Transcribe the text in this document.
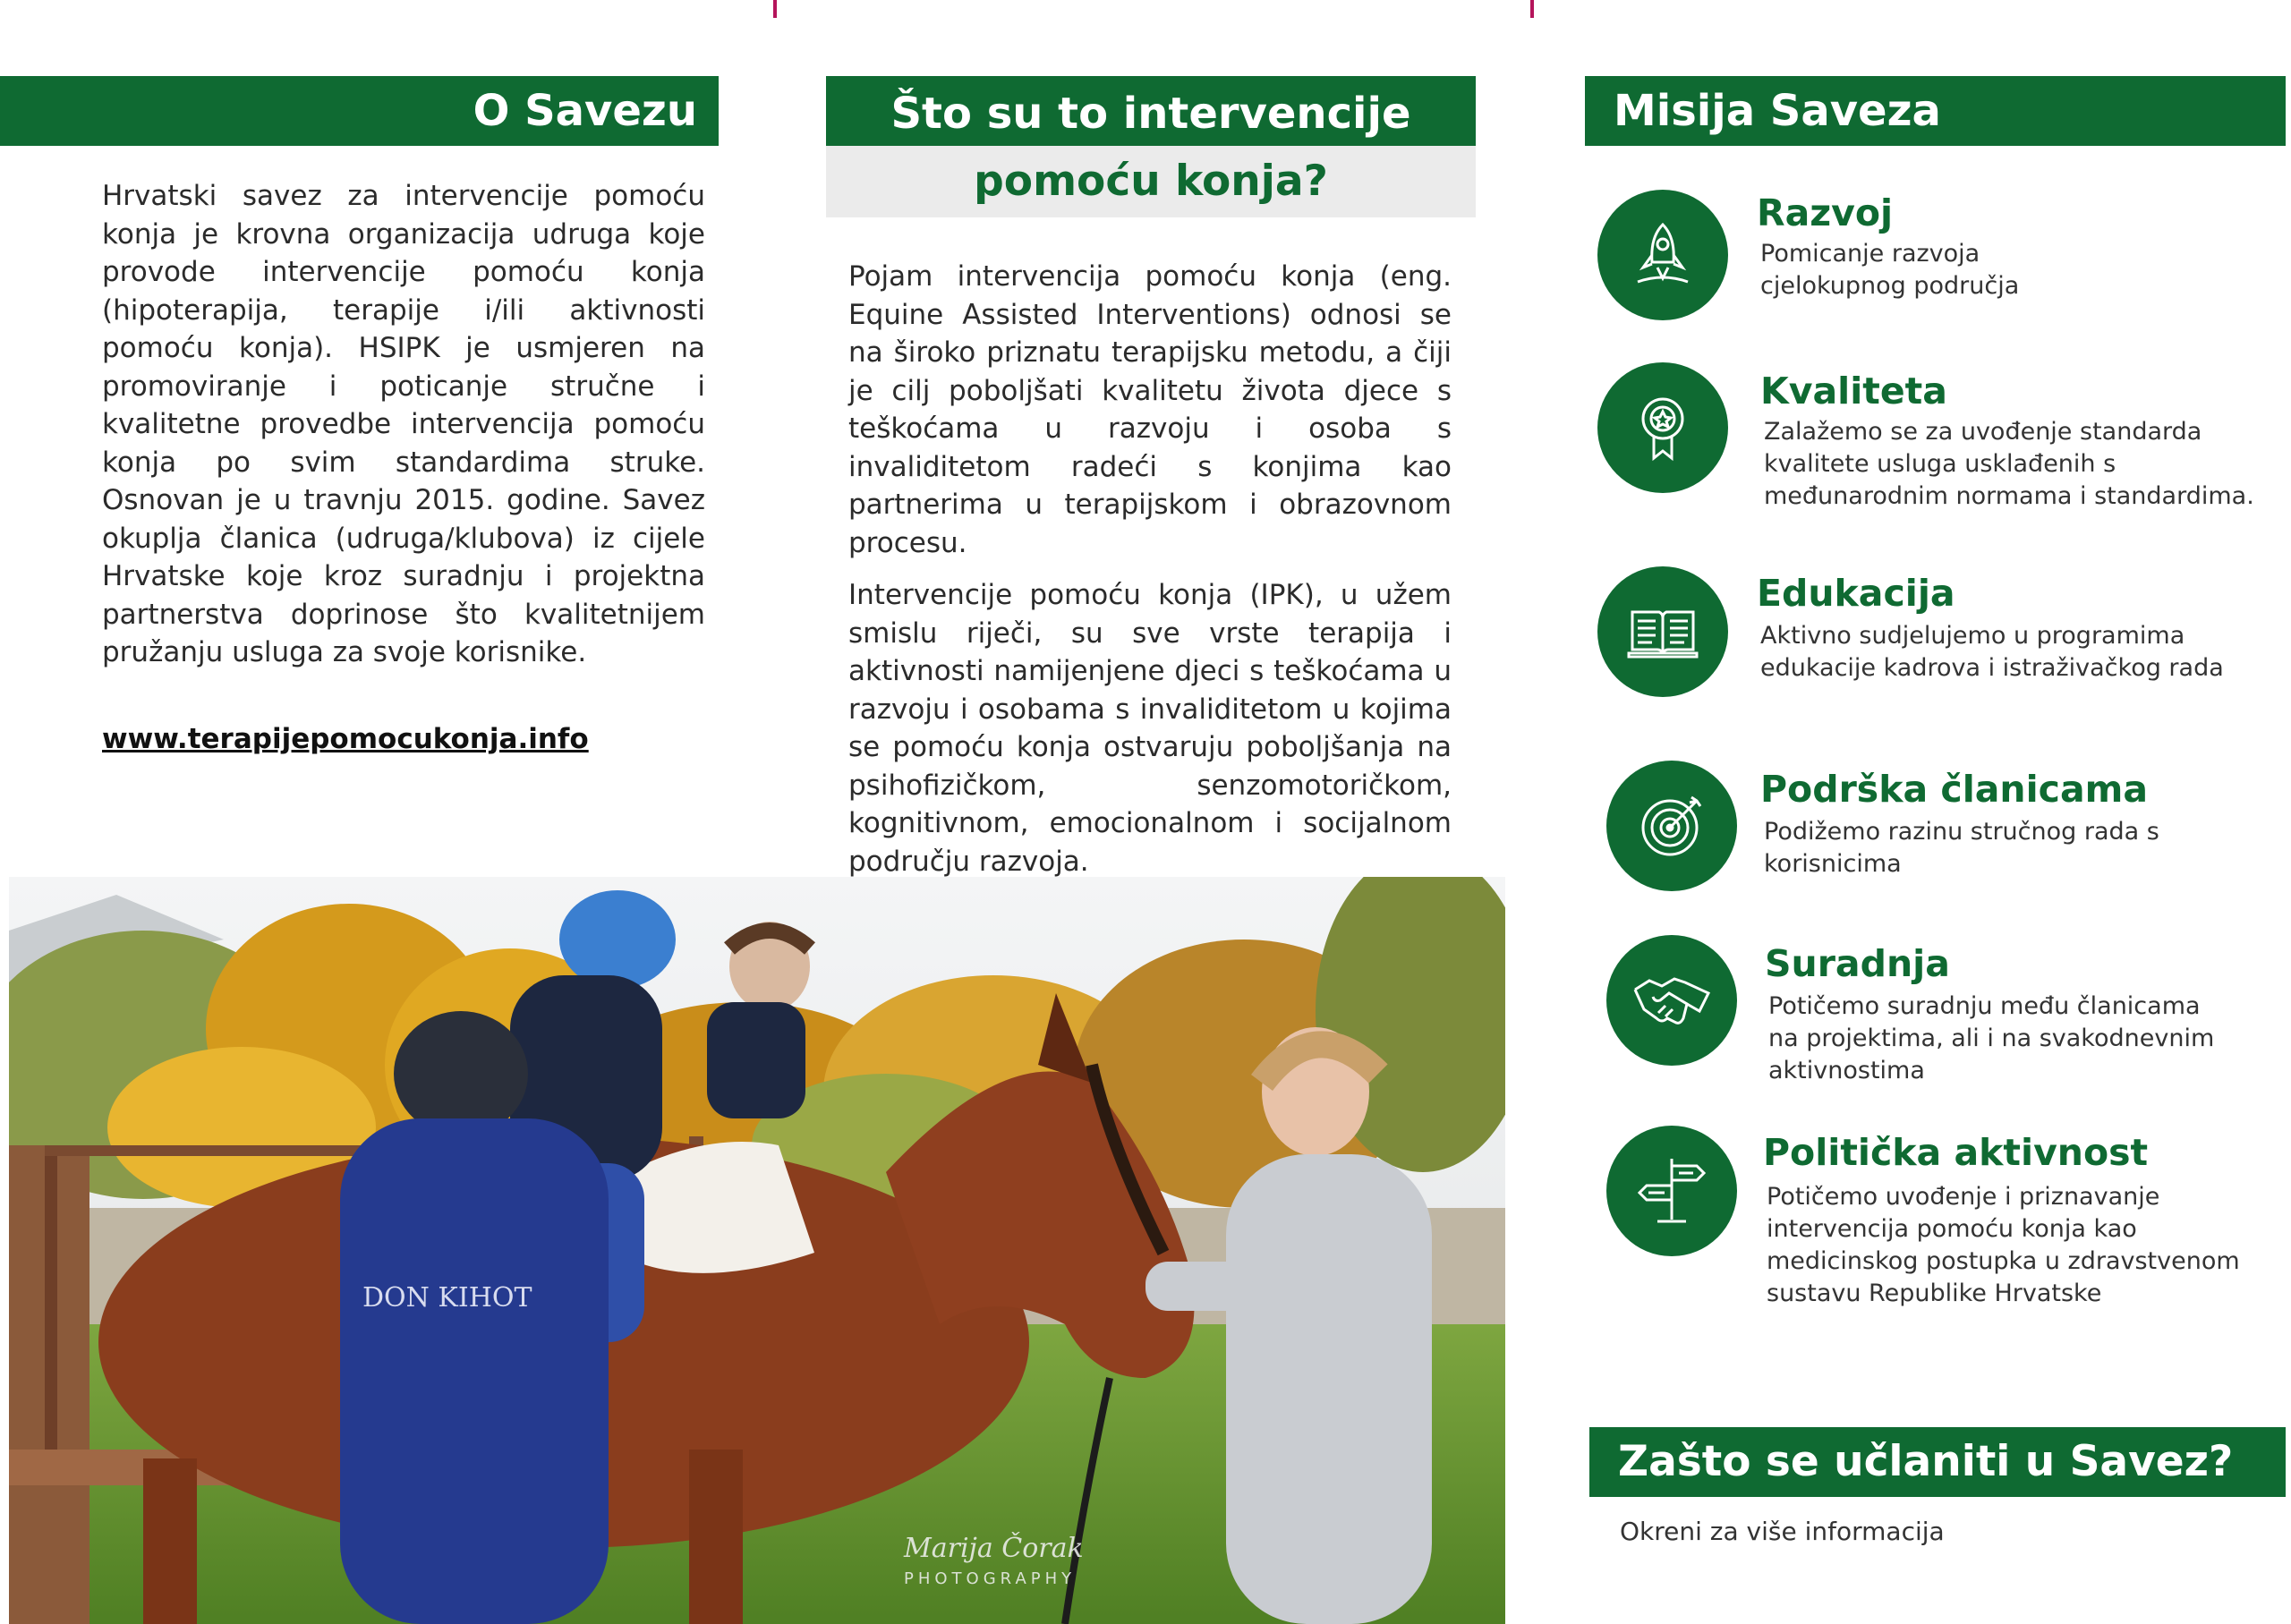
O Savezu
Hrvatski savez za intervencije pomoću konja je krovna organizacija udruga koje provode intervencije pomoću konja (hipoterapija, terapije i/ili aktivnosti pomoću konja). HSIPK je usmjeren na promoviranje i poticanje stručne i kvalitetne provedbe intervencija pomoću konja po svim standardima struke. Osnovan je u travnju 2015. godine. Savez okuplja članica (udruga/klubova) iz cijele Hrvatske koje kroz suradnju i projektna partnerstva doprinose što kvalitetnijem pružanju usluga za svoje korisnike.
www.terapijepomocukonja.info
Što su to intervencije
pomoću konja?

Pojam intervencija pomoću konja (eng. Equine Assisted Interventions) odnosi se na široko priznatu terapijsku metodu, a čiji je cilj poboljšati kvalitetu života djece s teškoćama u razvoju i osoba s invaliditetom radeći s konjima kao partnerima u terapijskom i obrazovnom procesu.

Intervencije pomoću konja (IPK), u užem smislu riječi, su sve vrste terapija i aktivnosti namijenjene djeci s teškoćama u razvoju i osobama s invaliditetom u kojima se pomoću konja ostvaruju poboljšanja na psihofizičkom, senzomotoričkom, kognitivnom, emocionalnom i socijalnom području razvoja.

DON KIHOT
Marija Čorak
PHOTOGRAPHY
Misija Saveza
Razvoj
Pomicanje razvoja cjelokupnog područja
Kvaliteta
Zalažemo se za uvođenje standarda kvalitete usluga usklađenih s međunarodnim normama i standardima.
Edukacija
Aktivno sudjelujemo u programima edukacije kadrova i istraživačkog rada
Podrška članicama
Podižemo razinu stručnog rada s korisnicima
Suradnja
Potičemo suradnju među članicama na projektima, ali i na svakodnevnim aktivnostima
Politička aktivnost
Potičemo uvođenje i priznavanje intervencija pomoću konja kao medicinskog postupka u zdravstvenom sustavu Republike Hrvatske
Zašto se učlaniti u Savez?
Okreni za više informacija
